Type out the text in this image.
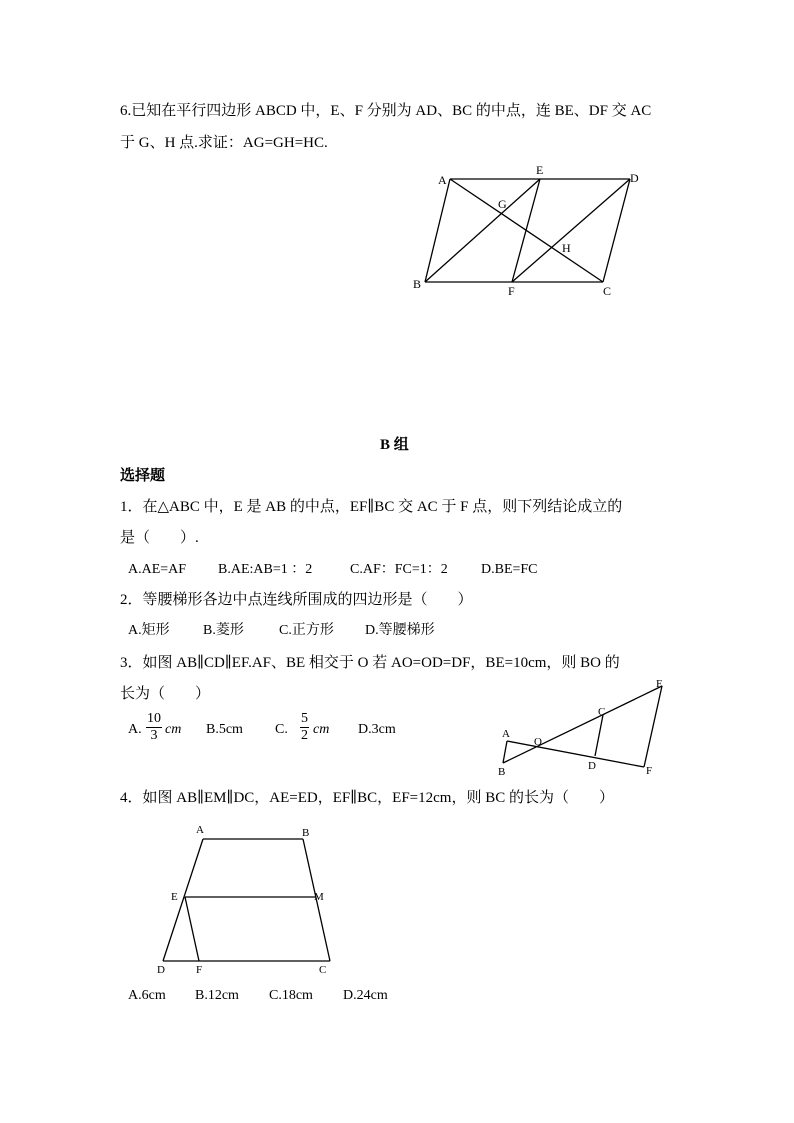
6.已知在平行四边形 ABCD 中，E、F 分别为 AD、BC 的中点，连 BE、DF 交 AC
于 G、H 点.求证：AG=GH=HC.
A
E
D
G
H
B	F	C
B 组
选择题
1．在△ABC 中，E 是 AB 的中点，EF∥BC 交 AC 于 F 点，则下列结论成立的
是（　　）.
A.AE=AF B.AE:AB=1 ：2	C.AF：FC=1：2 D.BE=FC
2．等腰梯形各边中点连线所围成的四边形是（　　）
A.矩形 B.菱形	C.正方形 D.等腰梯形
3．如图 AB∥CD∥EF.AF、BE 相交于 O 若 AO=OD=DF，BE=10cm，则 BO 的
长为（　　）
A. $\frac{10}{3}$ cm B.5cm C. $\frac{5}{2}$ cm D.3cm	A
B
O
C
D
E
F
4．如图 AB∥EM∥DC，AE=ED，EF∥BC，EF=12cm，则 BC 的长为（　　）
A	B
E	M
D	F	C
A.6cm B.12cm C.18cm D.24cm
